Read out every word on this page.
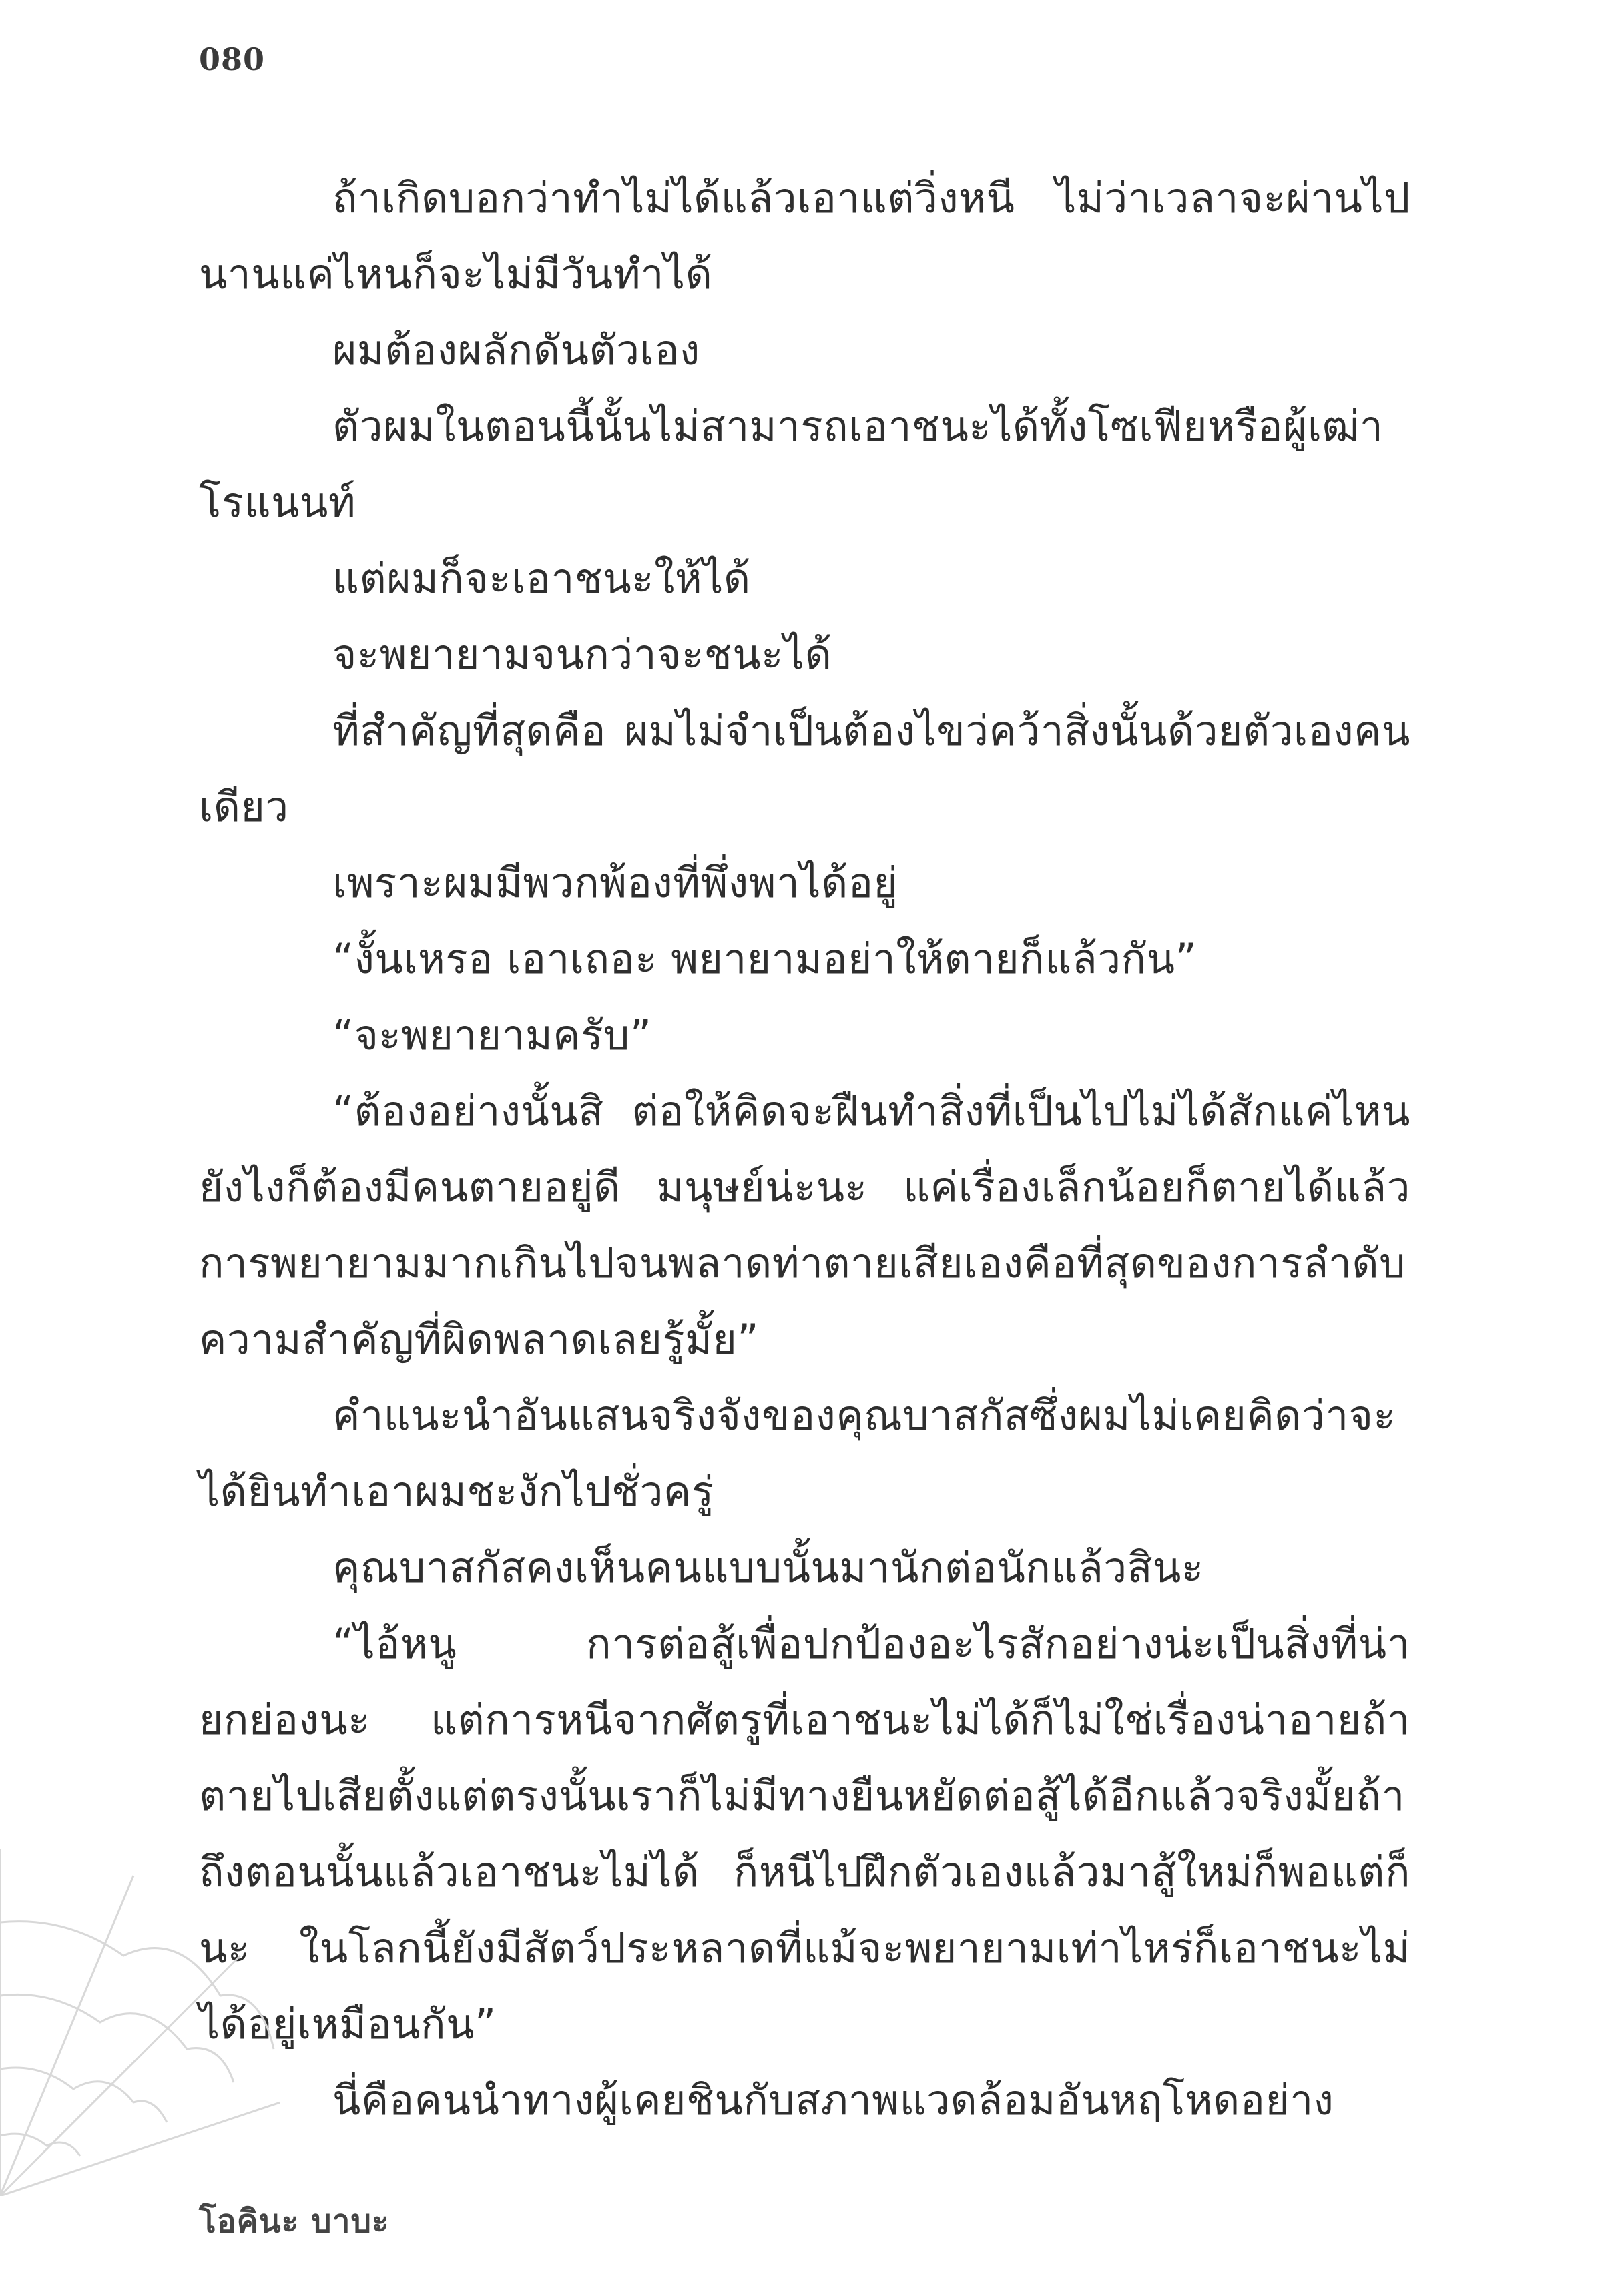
080

ถ้าเกิดบอกว่าทำไม่ได้แล้วเอาแต่วิ่งหนี ไม่ว่าเวลาจะผ่านไปนานแค่ไหนก็จะไม่มีวันทำได้

ผมต้องผลักดันตัวเอง

ตัวผมในตอนนี้นั้นไม่สามารถเอาชนะได้ทั้งโซเฟียหรือผู้เฒ่าโรแนนท์

แต่ผมก็จะเอาชนะให้ได้

จะพยายามจนกว่าจะชนะได้

ที่สำคัญที่สุดคือ ผมไม่จำเป็นต้องไขว่คว้าสิ่งนั้นด้วยตัวเองคนเดียว

เพราะผมมีพวกพ้องที่พึ่งพาได้อยู่

“งั้นเหรอ เอาเถอะ พยายามอย่าให้ตายก็แล้วกัน”

“จะพยายามครับ”

“ต้องอย่างนั้นสิ ต่อให้คิดจะฝืนทำสิ่งที่เป็นไปไม่ได้สักแค่ไหนยังไงก็ต้องมีคนตายอยู่ดี มนุษย์น่ะนะ แค่เรื่องเล็กน้อยก็ตายได้แล้วการพยายามมากเกินไปจนพลาดท่าตายเสียเองคือที่สุดของการลำดับความสำคัญที่ผิดพลาดเลยรู้มั้ย”

คำแนะนำอันแสนจริงจังของคุณบาสกัสซึ่งผมไม่เคยคิดว่าจะได้ยินทำเอาผมชะงักไปชั่วครู่

คุณบาสกัสคงเห็นคนแบบนั้นมานักต่อนักแล้วสินะ

“ไอ้หนู การต่อสู้เพื่อปกป้องอะไรสักอย่างน่ะเป็นสิ่งที่น่ายกย่องนะ แต่การหนีจากศัตรูที่เอาชนะไม่ได้ก็ไม่ใช่เรื่องน่าอายถ้าตายไปเสียตั้งแต่ตรงนั้นเราก็ไม่มีทางยืนหยัดต่อสู้ได้อีกแล้วจริงมั้ยถ้าถึงตอนนั้นแล้วเอาชนะไม่ได้ ก็หนีไปฝึกตัวเองแล้วมาสู้ใหม่ก็พอแต่ก็นะ ในโลกนี้ยังมีสัตว์ประหลาดที่แม้จะพยายามเท่าไหร่ก็เอาชนะไม่ได้อยู่เหมือนกัน”

นี่คือคนนำทางผู้เคยชินกับสภาพแวดล้อมอันหฤโหดอย่าง

โอคินะ บาบะ
